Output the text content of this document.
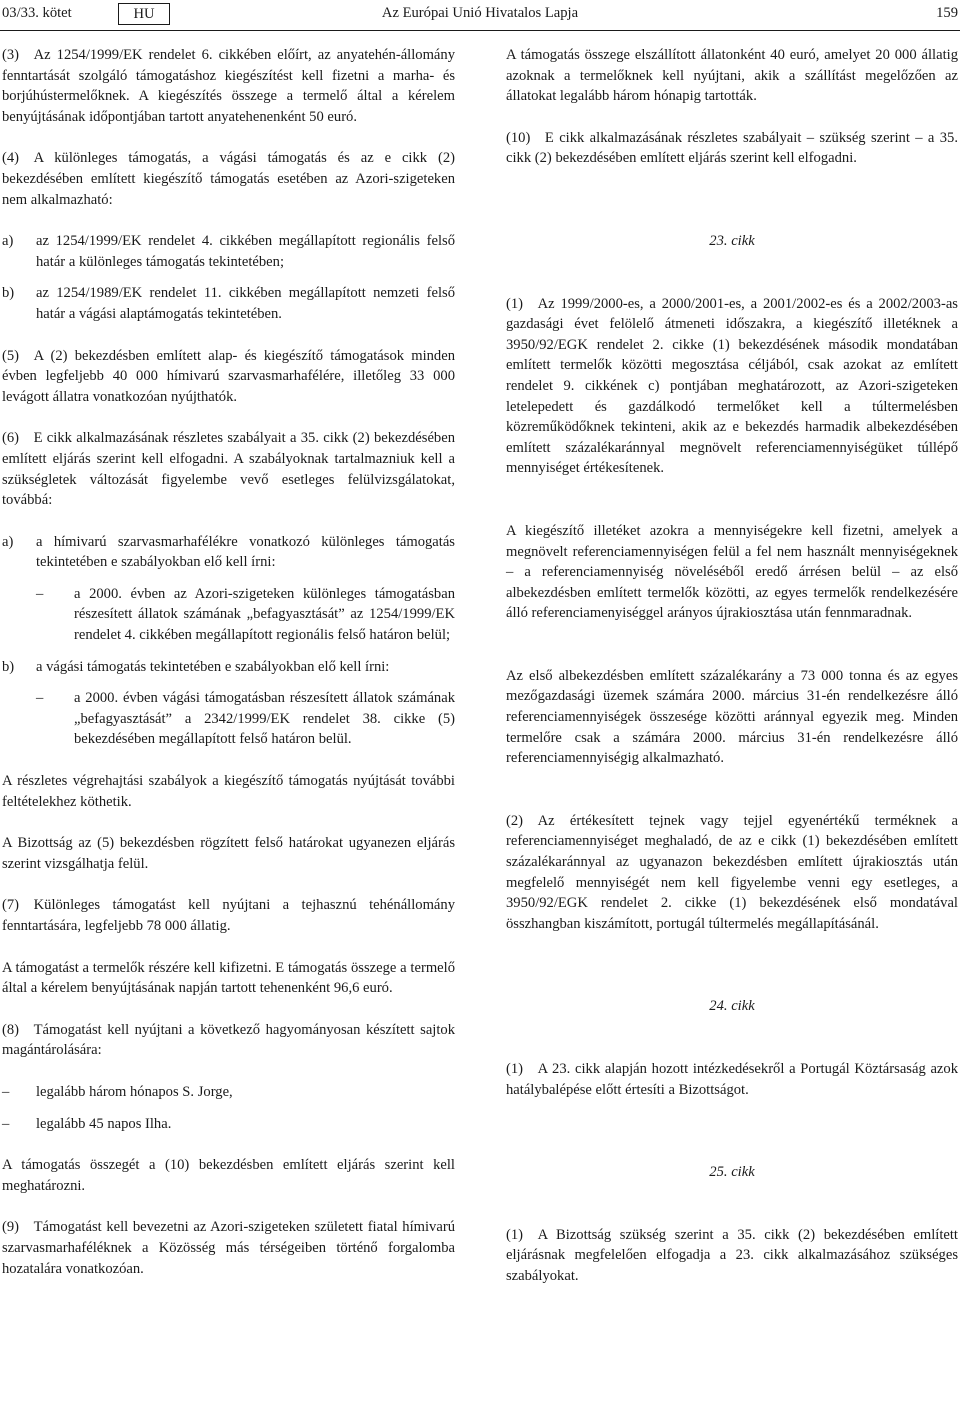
03/33. kötet	HU	Az Európai Unió Hivatalos Lapja	159

(3) Az 1254/1999/EK rendelet 6. cikkében előírt, az anyatehén-állomány fenntartását szolgáló támogatáshoz kiegészítést kell fizetni a marha- és borjúhústermelőknek. A kiegészítés összege a termelő által a kérelem benyújtásának időpontjában tartott anyatehenenként 50 euró.

(4) A különleges támogatás, a vágási támogatás és az e cikk (2) bekezdésében említett kiegészítő támogatás esetében az Azori-szigeteken nem alkalmazható:

a)	az 1254/1999/EK rendelet 4. cikkében megállapított regionális felső határ a különleges támogatás tekintetében;
b)	az 1254/1989/EK rendelet 11. cikkében megállapított nemzeti felső határ a vágási alaptámogatás tekintetében.

(5) A (2) bekezdésben említett alap- és kiegészítő támogatások minden évben legfeljebb 40 000 hímivarú szarvasmarhafélére, illetőleg 33 000 levágott állatra vonatkozóan nyújthatók.

(6) E cikk alkalmazásának részletes szabályait a 35. cikk (2) bekezdésében említett eljárás szerint kell elfogadni. A szabályoknak tartalmazniuk kell a szükségletek változását figyelembe vevő esetleges felülvizsgálatokat, továbbá:

a)	a hímivarú szarvasmarhafélékre vonatkozó különleges támogatás tekintetében e szabályokban elő kell írni:
–	a 2000. évben az Azori-szigeteken különleges támogatásban részesített állatok számának „befagyasztását” az 1254/1999/EK rendelet 4. cikkében megállapított regionális felső határon belül;
b)	a vágási támogatás tekintetében e szabályokban elő kell írni:
–	a 2000. évben vágási támogatásban részesített állatok számának „befagyasztását” a 2342/1999/EK rendelet 38. cikke (5) bekezdésében megállapított felső határon belül.

A részletes végrehajtási szabályok a kiegészítő támogatás nyújtását további feltételekhez köthetik.

A Bizottság az (5) bekezdésben rögzített felső határokat ugyanezen eljárás szerint vizsgálhatja felül.

(7) Különleges támogatást kell nyújtani a tejhasznú tehénállomány fenntartására, legfeljebb 78 000 állatig.

A támogatást a termelők részére kell kifizetni. E támogatás összege a termelő által a kérelem benyújtásának napján tartott tehenenként 96,6 euró.

(8) Támogatást kell nyújtani a következő hagyományosan készített sajtok magántárolására:

–	legalább három hónapos S. Jorge,
–	legalább 45 napos Ilha.

A támogatás összegét a (10) bekezdésben említett eljárás szerint kell meghatározni.

(9) Támogatást kell bevezetni az Azori-szigeteken született fiatal hímivarú szarvasmarhaféléknek a Közösség más térségeiben történő forgalomba hozatalára vonatkozóan.

A támogatás összege elszállított állatonként 40 euró, amelyet 20 000 állatig azoknak a termelőknek kell nyújtani, akik a szállítást megelőzően az állatokat legalább három hónapig tartották.

(10) E cikk alkalmazásának részletes szabályait – szükség szerint – a 35. cikk (2) bekezdésében említett eljárás szerint kell elfogadni.

23. cikk

(1) Az 1999/2000-es, a 2000/2001-es, a 2001/2002-es és a 2002/2003-as gazdasági évet felölelő átmeneti időszakra, a kiegészítő illetéknek a 3950/92/EGK rendelet 2. cikke (1) bekezdésének második mondatában említett termelők közötti megosztása céljából, csak azokat az említett rendelet 9. cikkének c) pontjában meghatározott, az Azori-szigeteken letelepedett és gazdálkodó termelőket kell a túltermelésben közreműködőknek tekinteni, akik az e bekezdés harmadik albekezdésében említett százalékaránnyal megnövelt referenciamennyiségüket túllépő mennyiséget értékesítenek.

A kiegészítő illetéket azokra a mennyiségekre kell fizetni, amelyek a megnövelt referenciamennyiségen felül a fel nem használt mennyiségeknek – a referenciamennyiség növeléséből eredő árrésen belül – az első albekezdésben említett termelők közötti, az egyes termelők rendelkezésére álló referenciamenyiséggel arányos újrakiosztása után fennmaradnak.

Az első albekezdésben említett százalékarány a 73 000 tonna és az egyes mezőgazdasági üzemek számára 2000. március 31-én rendelkezésre álló referenciamennyiségek összesége közötti aránnyal egyezik meg. Minden termelőre csak a számára 2000. március 31-én rendelkezésre álló referenciamennyiségig alkalmazható.

(2) Az értékesített tejnek vagy tejjel egyenértékű terméknek a referenciamennyiséget meghaladó, de az e cikk (1) bekezdésében említett százalékaránnyal az ugyanazon bekezdésben említett újrakiosztás után megfelelő mennyiségét nem kell figyelembe venni egy esetleges, a 3950/92/EGK rendelet 2. cikke (1) bekezdésének első mondatával összhangban kiszámított, portugál túltermelés megállapításánál.

24. cikk

(1) A 23. cikk alapján hozott intézkedésekről a Portugál Köztársaság azok hatálybalépése előtt értesíti a Bizottságot.

25. cikk

(1) A Bizottság szükség szerint a 35. cikk (2) bekezdésében említett eljárásnak megfelelően elfogadja a 23. cikk alkalmazásához szükséges szabályokat.
